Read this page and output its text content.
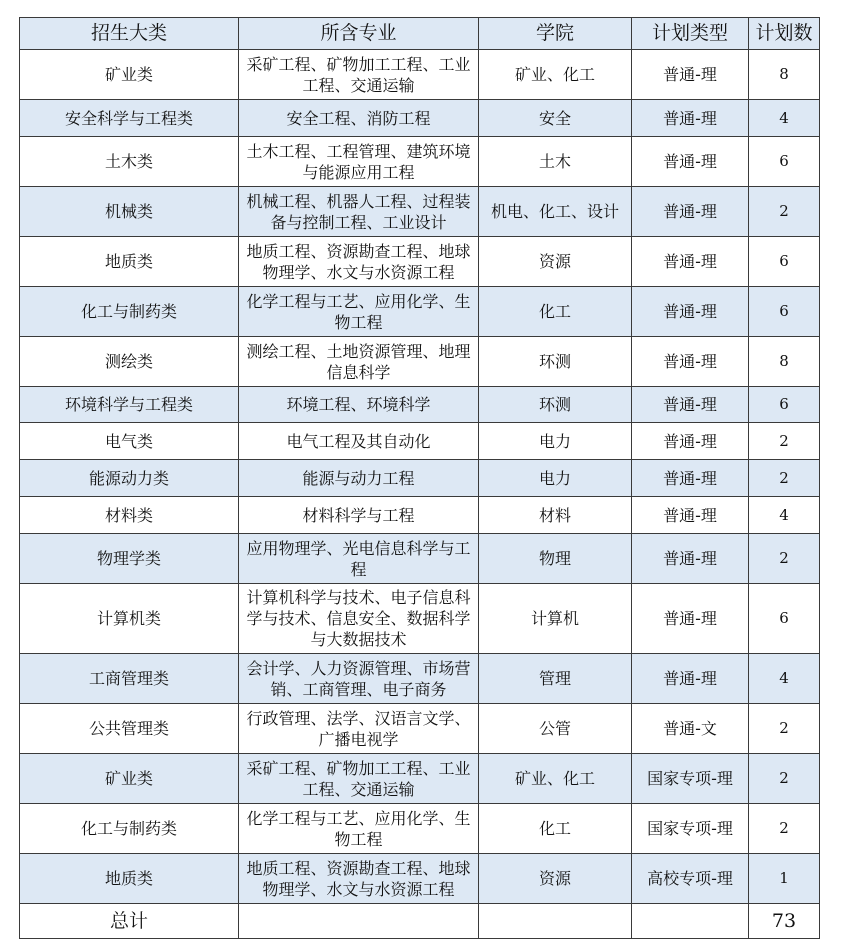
招生大类	所含专业	学院	计划类型	计划数
矿业类	采矿工程、矿物加工工程、工业工程、交通运输	矿业、化工	普通-理	8
安全科学与工程类	安全工程、消防工程	安全	普通-理	4
土木类	土木工程、工程管理、建筑环境与能源应用工程	土木	普通-理	6
机械类	机械工程、机器人工程、过程装备与控制工程、工业设计	机电、化工、设计	普通-理	2
地质类	地质工程、资源勘查工程、地球物理学、水文与水资源工程	资源	普通-理	6
化工与制药类	化学工程与工艺、应用化学、生物工程	化工	普通-理	6
测绘类	测绘工程、土地资源管理、地理信息科学	环测	普通-理	8
环境科学与工程类	环境工程、环境科学	环测	普通-理	6
电气类	电气工程及其自动化	电力	普通-理	2
能源动力类	能源与动力工程	电力	普通-理	2
材料类	材料科学与工程	材料	普通-理	4
物理学类	应用物理学、光电信息科学与工程	物理	普通-理	2
计算机类	计算机科学与技术、电子信息科学与技术、信息安全、数据科学与大数据技术	计算机	普通-理	6
工商管理类	会计学、人力资源管理、市场营销、工商管理、电子商务	管理	普通-理	4
公共管理类	行政管理、法学、汉语言文学、广播电视学	公管	普通-文	2
矿业类	采矿工程、矿物加工工程、工业工程、交通运输	矿业、化工	国家专项-理	2
化工与制药类	化学工程与工艺、应用化学、生物工程	化工	国家专项-理	2
地质类	地质工程、资源勘查工程、地球物理学、水文与水资源工程	资源	高校专项-理	1
总计				73
